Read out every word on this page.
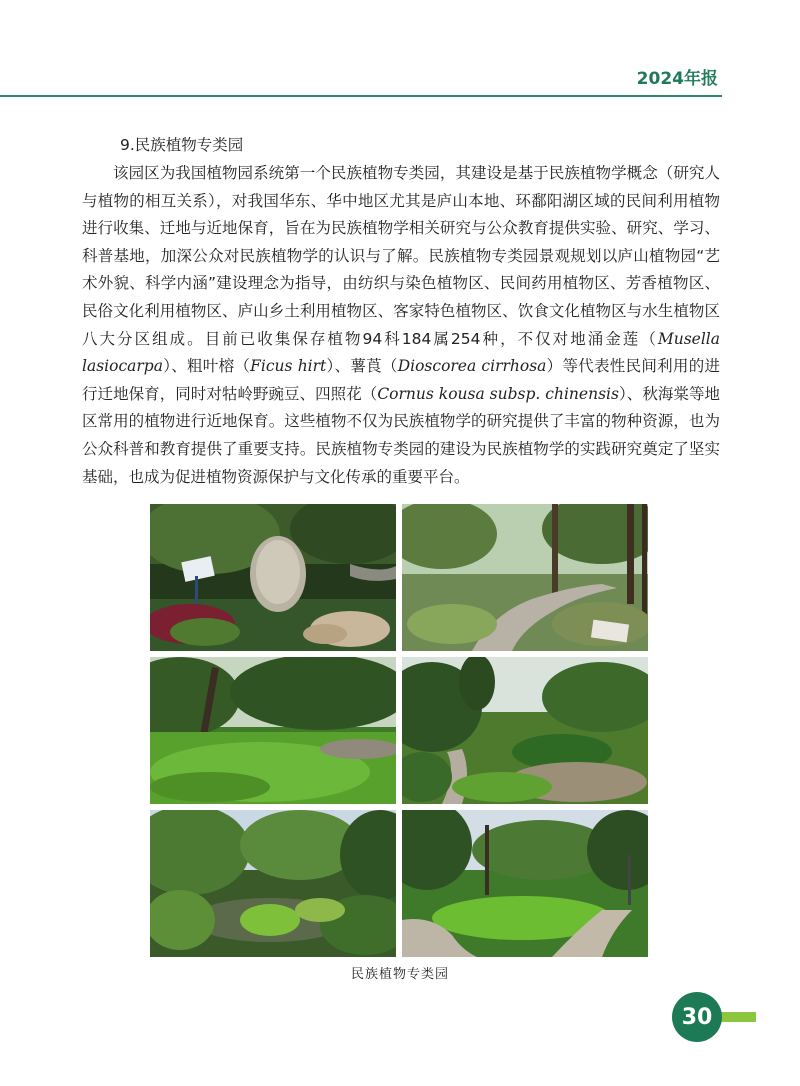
2024年报
9.民族植物专类园

该园区为我国植物园系统第一个民族植物专类园，其建设是基于民族植物学概念（研究人与植物的相互关系），对我国华东、华中地区尤其是庐山本地、环鄱阳湖区域的民间利用植物进行收集、迁地与近地保育，旨在为民族植物学相关研究与公众教育提供实验、研究、学习、科普基地，加深公众对民族植物学的认识与了解。民族植物专类园景观规划以庐山植物园“艺术外貌、科学内涵”建设理念为指导，由纺织与染色植物区、民间药用植物区、芳香植物区、民俗文化利用植物区、庐山乡土利用植物区、客家特色植物区、饮食文化植物区与水生植物区八大分区组成。目前已收集保存植物94科184属254种，不仅对地涌金莲（Musella lasiocarpa）、粗叶榕（Ficus hirt）、薯莨（Dioscorea cirrhosa）等代表性民间利用的进行迁地保育，同时对牯岭野豌豆、四照花（Cornus kousa subsp. chinensis）、秋海棠等地区常用的植物进行近地保育。这些植物不仅为民族植物学的研究提供了丰富的物种资源，也为公众科普和教育提供了重要支持。民族植物专类园的建设为民族植物学的实践研究奠定了坚实基础，也成为促进植物资源保护与文化传承的重要平台。

民族植物专类园
30
